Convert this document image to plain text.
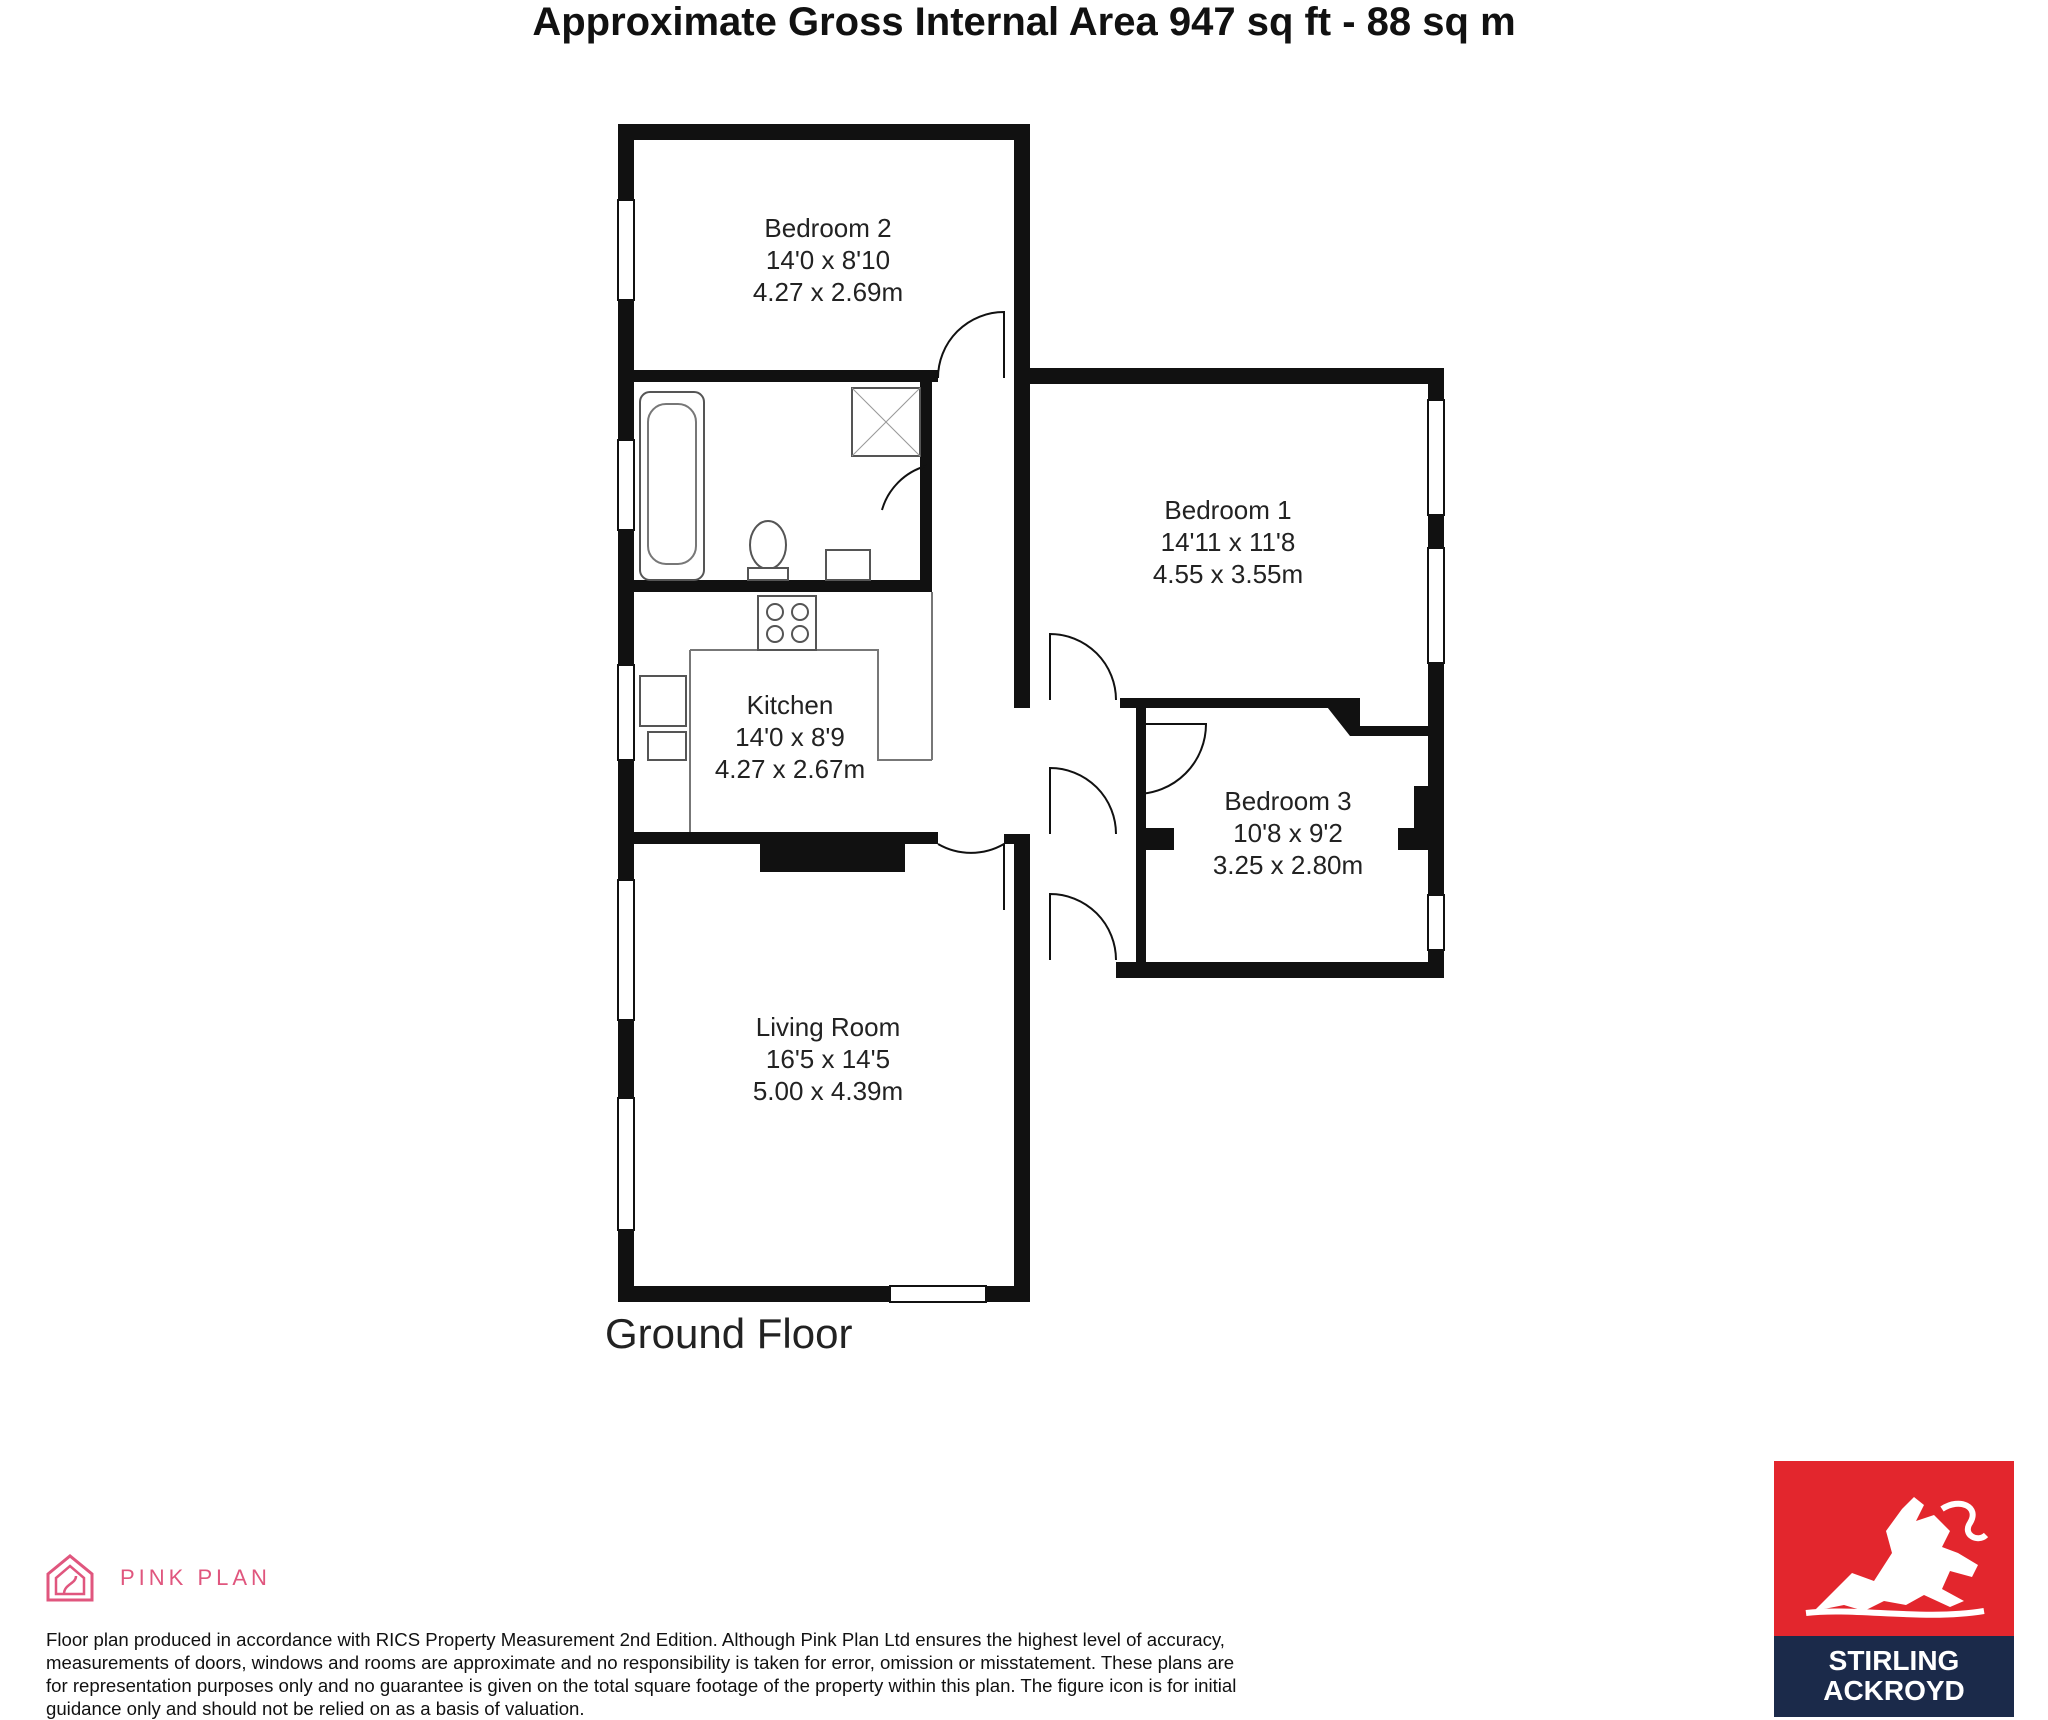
Approximate Gross Internal Area 947 sq ft - 88 sq m
Bedroom 2
14'0 x 8'10
4.27 x 2.69m
Kitchen
14'0 x 8'9
4.27 x 2.67m
Bedroom 1
14'11 x 11'8
4.55 x 3.55m
Bedroom 3
10'8 x 9'2
3.25 x 2.80m
Living Room
16'5 x 14'5
5.00 x 4.39m
Ground Floor
PINK PLAN
Floor plan produced in accordance with RICS Property Measurement 2nd Edition. Although Pink Plan Ltd ensures the highest level of accuracy, measurements of doors, windows and rooms are approximate and no responsibility is taken for error, omission or misstatement. These plans are for representation purposes only and no guarantee is given on the total square footage of the property within this plan. The figure icon is for initial guidance only and should not be relied on as a basis of valuation.
STIRLING
ACKROYD
